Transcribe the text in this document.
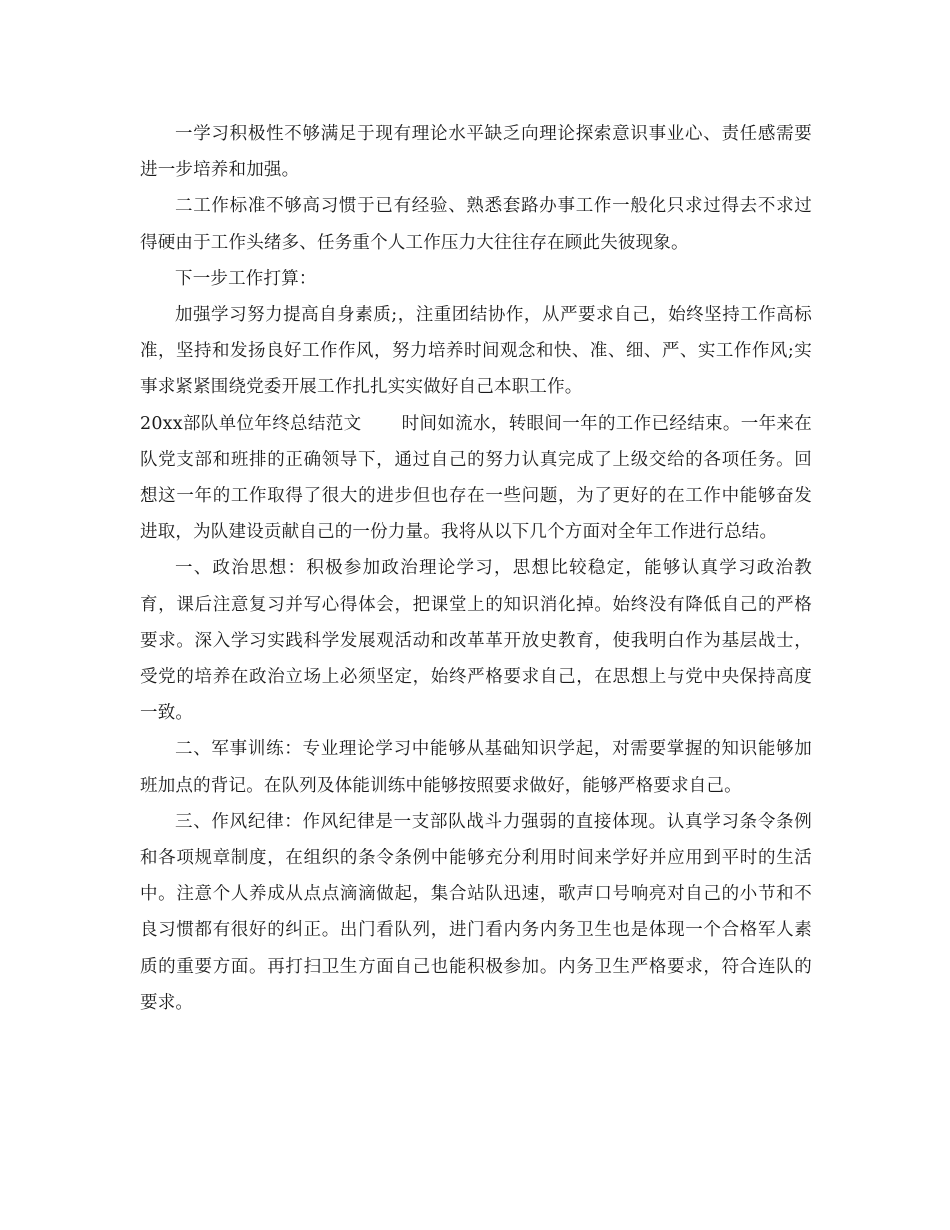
一学习积极性不够满足于现有理论水平缺乏向理论探索意识事业心、责任感需要进一步培养和加强。

二工作标准不够高习惯于已有经验、熟悉套路办事工作一般化只求过得去不求过得硬由于工作头绪多、任务重个人工作压力大往往存在顾此失彼现象。

下一步工作打算：

加强学习努力提高自身素质;，注重团结协作，从严要求自己，始终坚持工作高标准，坚持和发扬良好工作作风，努力培养时间观念和快、准、细、严、实工作作风;实事求紧紧围绕党委开展工作扎扎实实做好自己本职工作。

20xx部队单位年终总结范文 时间如流水，转眼间一年的工作已经结束。一年来在队党支部和班排的正确领导下，通过自己的努力认真完成了上级交给的各项任务。回想这一年的工作取得了很大的进步但也存在一些问题，为了更好的在工作中能够奋发进取，为队建设贡献自己的一份力量。我将从以下几个方面对全年工作进行总结。

一、政治思想：积极参加政治理论学习，思想比较稳定，能够认真学习政治教育，课后注意复习并写心得体会，把课堂上的知识消化掉。始终没有降低自己的严格要求。深入学习实践科学发展观活动和改革革开放史教育，使我明白作为基层战士，受党的培养在政治立场上必须坚定，始终严格要求自己，在思想上与党中央保持高度一致。

二、军事训练：专业理论学习中能够从基础知识学起，对需要掌握的知识能够加班加点的背记。在队列及体能训练中能够按照要求做好，能够严格要求自己。

三、作风纪律：作风纪律是一支部队战斗力强弱的直接体现。认真学习条令条例和各项规章制度，在组织的条令条例中能够充分利用时间来学好并应用到平时的生活中。注意个人养成从点点滴滴做起，集合站队迅速，歌声口号响亮对自己的小节和不良习惯都有很好的纠正。出门看队列，进门看内务内务卫生也是体现一个合格军人素质的重要方面。再打扫卫生方面自己也能积极参加。内务卫生严格要求，符合连队的要求。
